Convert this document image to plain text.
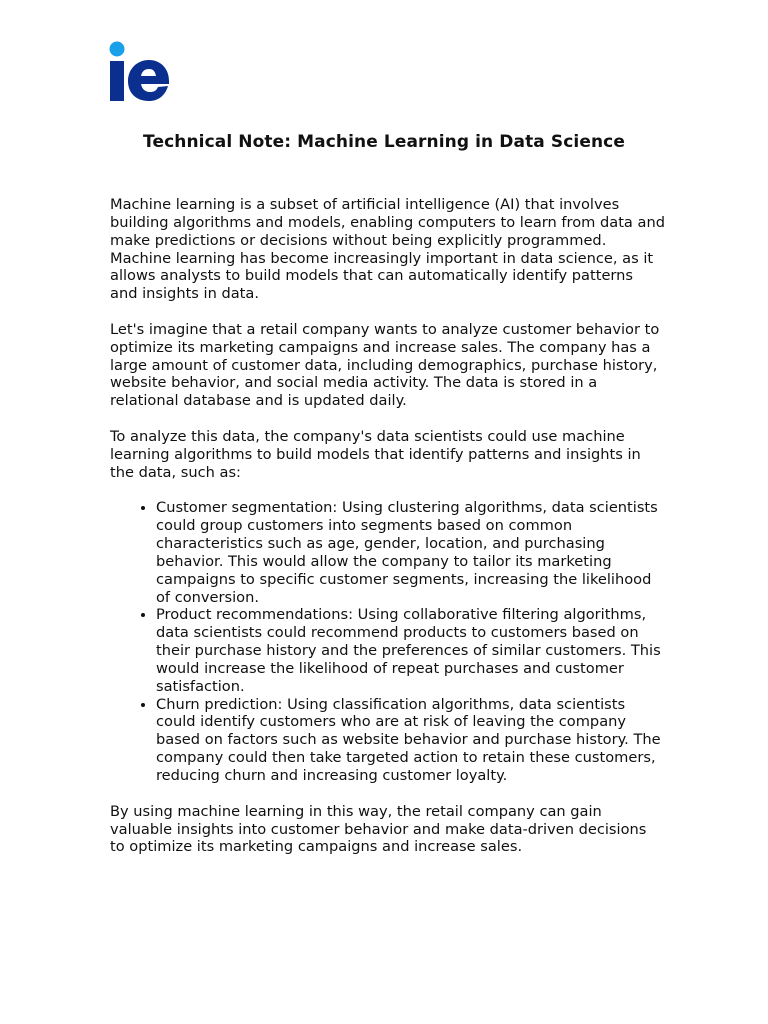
Technical Note: Machine Learning in Data Science

Machine learning is a subset of artificial intelligence (AI) that involves building algorithms and models, enabling computers to learn from data and make predictions or decisions without being explicitly programmed. Machine learning has become increasingly important in data science, as it allows analysts to build models that can automatically identify patterns and insights in data.

Let's imagine that a retail company wants to analyze customer behavior to optimize its marketing campaigns and increase sales. The company has a large amount of customer data, including demographics, purchase history, website behavior, and social media activity. The data is stored in a relational database and is updated daily.

To analyze this data, the company's data scientists could use machine learning algorithms to build models that identify patterns and insights in the data, such as:

• Customer segmentation: Using clustering algorithms, data scientists could group customers into segments based on common characteristics such as age, gender, location, and purchasing behavior. This would allow the company to tailor its marketing campaigns to specific customer segments, increasing the likelihood of conversion.
• Product recommendations: Using collaborative filtering algorithms, data scientists could recommend products to customers based on their purchase history and the preferences of similar customers. This would increase the likelihood of repeat purchases and customer satisfaction.
• Churn prediction: Using classification algorithms, data scientists could identify customers who are at risk of leaving the company based on factors such as website behavior and purchase history. The company could then take targeted action to retain these customers, reducing churn and increasing customer loyalty.

By using machine learning in this way, the retail company can gain valuable insights into customer behavior and make data-driven decisions to optimize its marketing campaigns and increase sales.
